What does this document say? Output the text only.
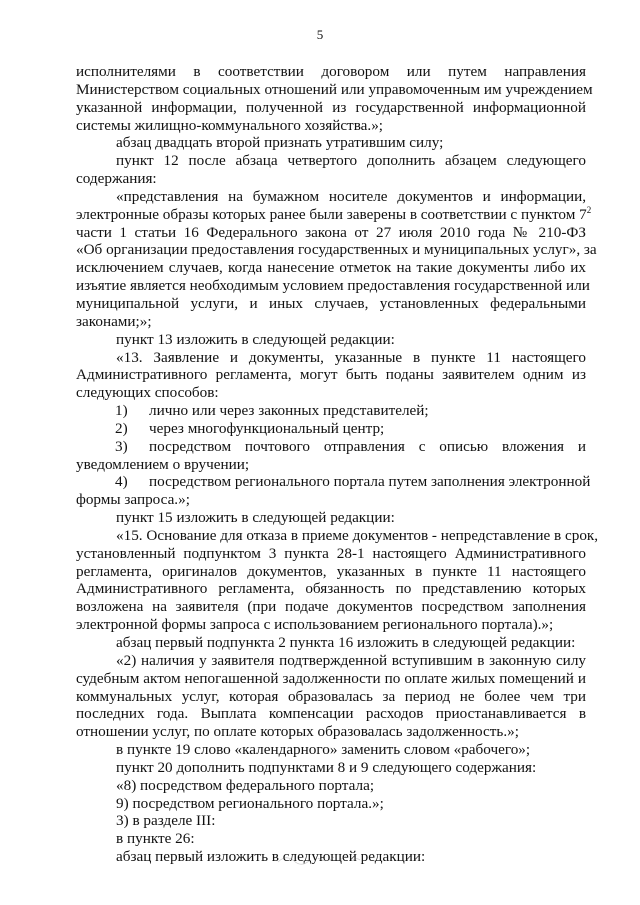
5
исполнителями в соответствии договором или путем направления
Министерством социальных отношений или управомоченным им учреждением
указанной информации, полученной из государственной информационной
системы жилищно-коммунального хозяйства.»;
абзац двадцать второй признать утратившим силу;
пункт 12 после абзаца четвертого дополнить абзацем следующего
содержания:
«представления на бумажном носителе документов и информации,
электронные образы которых ранее были заверены в соответствии с пунктом $7^2$
части 1 статьи 16 Федерального закона от 27 июля 2010 года № 210-ФЗ
«Об организации предоставления государственных и муниципальных услуг», за
исключением случаев, когда нанесение отметок на такие документы либо их
изъятие является необходимым условием предоставления государственной или
муниципальной услуги, и иных случаев, установленных федеральными
законами;»;
пункт 13 изложить в следующей редакции:
«13. Заявление и документы, указанные в пункте 11 настоящего
Административного регламента, могут быть поданы заявителем одним из
следующих способов:
1) лично или через законных представителей;
2) через многофункциональный центр;
3) посредством почтового отправления с описью вложения и
уведомлением о вручении;
4) посредством регионального портала путем заполнения электронной
формы запроса.»;
пункт 15 изложить в следующей редакции:
«15. Основание для отказа в приеме документов - непредставление в срок,
установленный подпунктом 3 пункта 28-1 настоящего Административного
регламента, оригиналов документов, указанных в пункте 11 настоящего
Административного регламента, обязанность по представлению которых
возложена на заявителя (при подаче документов посредством заполнения
электронной формы запроса с использованием регионального портала).»;
абзац первый подпункта 2 пункта 16 изложить в следующей редакции:
«2) наличия у заявителя подтвержденной вступившим в законную силу
судебным актом непогашенной задолженности по оплате жилых помещений и
коммунальных услуг, которая образовалась за период не более чем три
последних года. Выплата компенсации расходов приостанавливается в
отношении услуг, по оплате которых образовалась задолженность.»;
в пункте 19 слово «календарного» заменить словом «рабочего»;
пункт 20 дополнить подпунктами 8 и 9 следующего содержания:
«8) посредством федерального портала;
9) посредством регионального портала.»;
3) в разделе III:
в пункте 26:
абзац первый изложить в следующей редакции:
